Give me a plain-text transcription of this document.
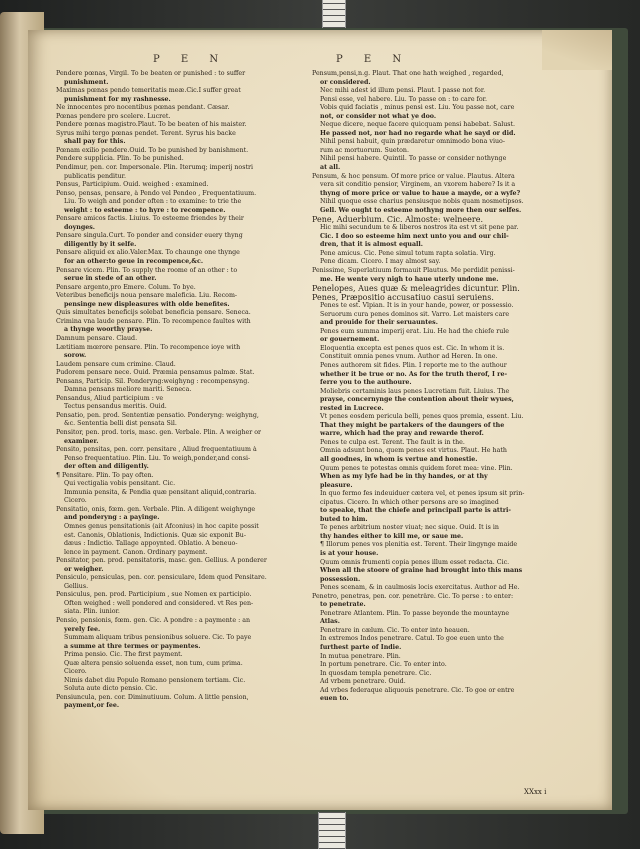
P E N	P E N
Pendere pœnas, Virgil. To be beaten or punished : to suffer
punishment.
Maximas pœnas pendo temeritatis meæ.Cic.I suffer great
punishment for my rashnesse.
Ne innocentes pro nocentibus pœnas pendant. Cæsar.
Pœnas pendere pro scelere. Lucret.
Pendere pœnas magistro.Plaut. To be beaten of his maister.
Syrus mihi tergo pœnas pendet. Terent. Syrus his backe
shall pay for this.
Pœnam exilio pendere.Ouid. To be punished by banishment.
Pendere supplicia. Plin. To be punished.
Pendimur, pen. cor. Impersonale. Plin. Iterumq; imperij nostri
publicatis penditur.
Pensus, Participium. Ouid. weighed : examined.
Penso, pensas, pensare, à Pendo vel Pendeo , Frequentatiuum.
Liu. To weigh and ponder often : to examine: to trie the
weight : to esteeme : to hyre : to recompence.
Pensare amicos factis. Liuius. To esteeme friendes by their
doynges.
Pensare singula.Curt. To ponder and consider euery thyng
diligently by it selfe.
Pensare aliquid ex alio.Valer.Max. To chaunge one thynge
for an other:to geue in recompence,&c.
Pensare vicem. Plin. To supply the roome of an other : to
serue in stede of an other.
Pensare argento,pro Emere. Colum. To bye.
Veteribus beneficijs noua pensare maleficia. Liu. Recom-
pensinge new displeasures with olde benefites.
Quis simultates beneficijs solebat beneficia pensare. Seneca.
Crimina vna laude pensare. Plin. To recompence faultes with
a thynge woorthy prayse.
Damnum pensare. Claud.
Lætitiam mœrore pensare. Plin. To recompence ioye with
sorow.
Laudem pensare cum crimine. Claud.
Pudorem pensare nece. Ouid. Præmia pensamus palmæ. Stat.
Pensans, Particip. Sil. Ponderyng:weighyng : recompensyng.
Damna pensans meliore mariti. Seneca.
Pensandus, Aliud participium : ve
Tectus pensandus meritis. Ouid.
Pensatio, pen. prod. Sententiæ pensatio. Ponderyng: weighyng,
&c. Sententia belli dist pensata Sil.
Pensitor, pen. prod. toris, masc. gen. Verbale. Plin. A weigher or
examiner.
Pensito, pensitas, pen. corr. pensitare , Aliud frequentatiuum à
Penso frequentatiuo. Plin. Liu. To weigh,ponder,and consi-
der often and diligently.
¶ Pensitare. Plin. To pay often.
Qui vectigalia vobis pensitant. Cic.
Immunia pensita, & Pendia quæ pensitant aliquid,contraria.
Cicero.
Pensitatio, onis, fœm. gen. Verbale. Plin. A diligent weighynge
and ponderyng : a payinge.
Omnes genus pensitationis (ait Afconius) in hoc capite possit
est. Canonis, Oblationis, Indictionis. Quæ sic exponit Bu-
dæus : Indictio. Tallage appoynted. Oblatio. A beneuo-
lence in payment. Canon. Ordinary payment.
Pensitator, pen. prod. pensitatoris, masc. gen. Gellius. A ponderer
or weigher.
Pensiculo, pensiculas, pen. cor. pensiculare, Idem quod Pensitare.
Gellius.
Pensiculus, pen. prod. Participium , sue Nomen ex participio.
Often weighed : well pondered and considered. vt Res pen-
siata. Plin. iunior.
Pensio, pensionis, fœm. gen. Cic. A pondre : a paymente : an
yerely fee.
Summam aliquam tribus pensionibus soluere. Cic. To paye
a summe at thre termes or paymentes.
Prima pensio. Cic. The first payment.
Quæ altera pensio soluenda esset, non tum, cum prima.
Cicero.
Nimis dabet diu Populo Romano pensionem tertiam. Cic.
Soluta aute dicto pensio. Cic.
Pensiuncula, pen. cor. Diminutiuum. Colum. A little pension,
payment,or fee.
Pensum,pensi,n.g. Plaut. That one hath weighed , regarded,
or considered.
Nec mihi adest id illum pensi. Plaut. I passe not for.
Pensi esse, vel habere. Liu. To passe on : to care for.
Vobis quid faciatis , minus pensi est. Liu. You passe not, care
not, or consider not what ye doo.
Neque dicere, neque facere quicquam pensi habebat. Salust.
He passed not, nor had no regarde what he sayd or did.
Nihil pensi habuit, quin prædaretur omnimodo bona viuo-
rum ac mortuorum. Sueton.
Nihil pensi habere. Quintil. To passe or consider nothynge
at all.
Pensum, & hoc pensum. Of more price or value. Plautus. Altera
vera sit conditio pensior, Virginem, an vxorem habere? Is it a
thyng of more price or value to haue a mayde, or a wyfe?
Nihil quoque esse charius pensiusque nobis quam nosmetipsos.
Gell. We ought to esteeme nothyng more then our selfes.
Pene, Aduerbium. Cic. Almoste: welneere.
Hic mihi secundum te & liberos nostros ita est vt sit pene par.
Cic. I doo so esteeme him next unto you and our chil-
dren, that it is almost equall.
Pene amicus. Cic. Pene simul totum rapta solatia. Virg.
Pene dicam. Cicero. I may almost say.
Penissime, Superlatiuum formauit Plautus. Me perdidit penissi-
me. He wente very nigh to haue uterly undone me.
Penelopes, Aues quæ & meleagrides dicuntur. Plin.
Penes, Præpositio accusatiuo casui seruiens.
Penes te est. Vlpian. It is in your hande, power, or possessio.
Seruorum cura penes dominos sit. Varro. Let maisters care
and prouide for their seruauntes.
Penes eum summa imperij erat. Liu. He had the chiefe rule
or gouernement.
Eloquentia excepta est penes quos est. Cic. In whom it is.
Constituit omnia penes vnum. Author ad Heren. In one.
Penes authorem sit fides. Plin. I reporte me to the authour
whether it be true or no. As for the truth therof, I re-
ferre you to the authoure.
Moliebris certaminis laus penes Lucretiam fuit. Liuius. The
prayse, concernynge the contention about their wyues,
rested in Lucrece.
Vt penes eosdem pericula belli, penes quos premia, essent. Liu.
That they might be partakers of the daungers of the
warre, which had the pray and rewarde therof.
Penes te culpa est. Terent. The fault is in the.
Omnia adsunt bona, quem penes est virtus. Plaut. He hath
all goodnes, in whom is vertue and honestie.
Quum penes te potestas omnis quidem foret mea: vine. Plin.
When as my lyfe had be in thy handes, or at thy
pleasure.
In quo fermo fes indeuiduer cætera vel, et penes ipsum sit prin-
cipatus. Cicero. In which other persons are so imagined
to speake, that the chiefe and principall parte is attri-
buted to him.
Te penes arbitrium noster viuat; nec sique. Ouid. It is in
thy handes either to kill me, or saue me.
¶ Illorum penes vos plenitia est. Terent. Their lingynge maide
is at your house.
Quum omnis frumenti copia penes illum esset redacta. Cic.
When all the stoore of graine had brought into this mans
possession.
Penes scenam, & in caulmosis locis exercitatus. Author ad He.
Penetro, penetras, pen. cor. penetrâre. Cic. To perse : to enter:
to penetrate.
Penetrare Atlantem. Plin. To passe beyonde the mountayne
Atlas.
Penetrare in cælum. Cic. To enter into heauen.
In extremos Indos penetrare. Catul. To goe euen unto the
furthest parte of Indie.
In mutua penetrare. Plin.
In portum penetrare. Cic. To enter into.
In quosdam templa penetrare. Cic.
Ad vrbem penetrare. Ouid.
Ad vrbes federaque aliquouis penetrare. Cic. To goe or entre
euen to.
XXxx i
